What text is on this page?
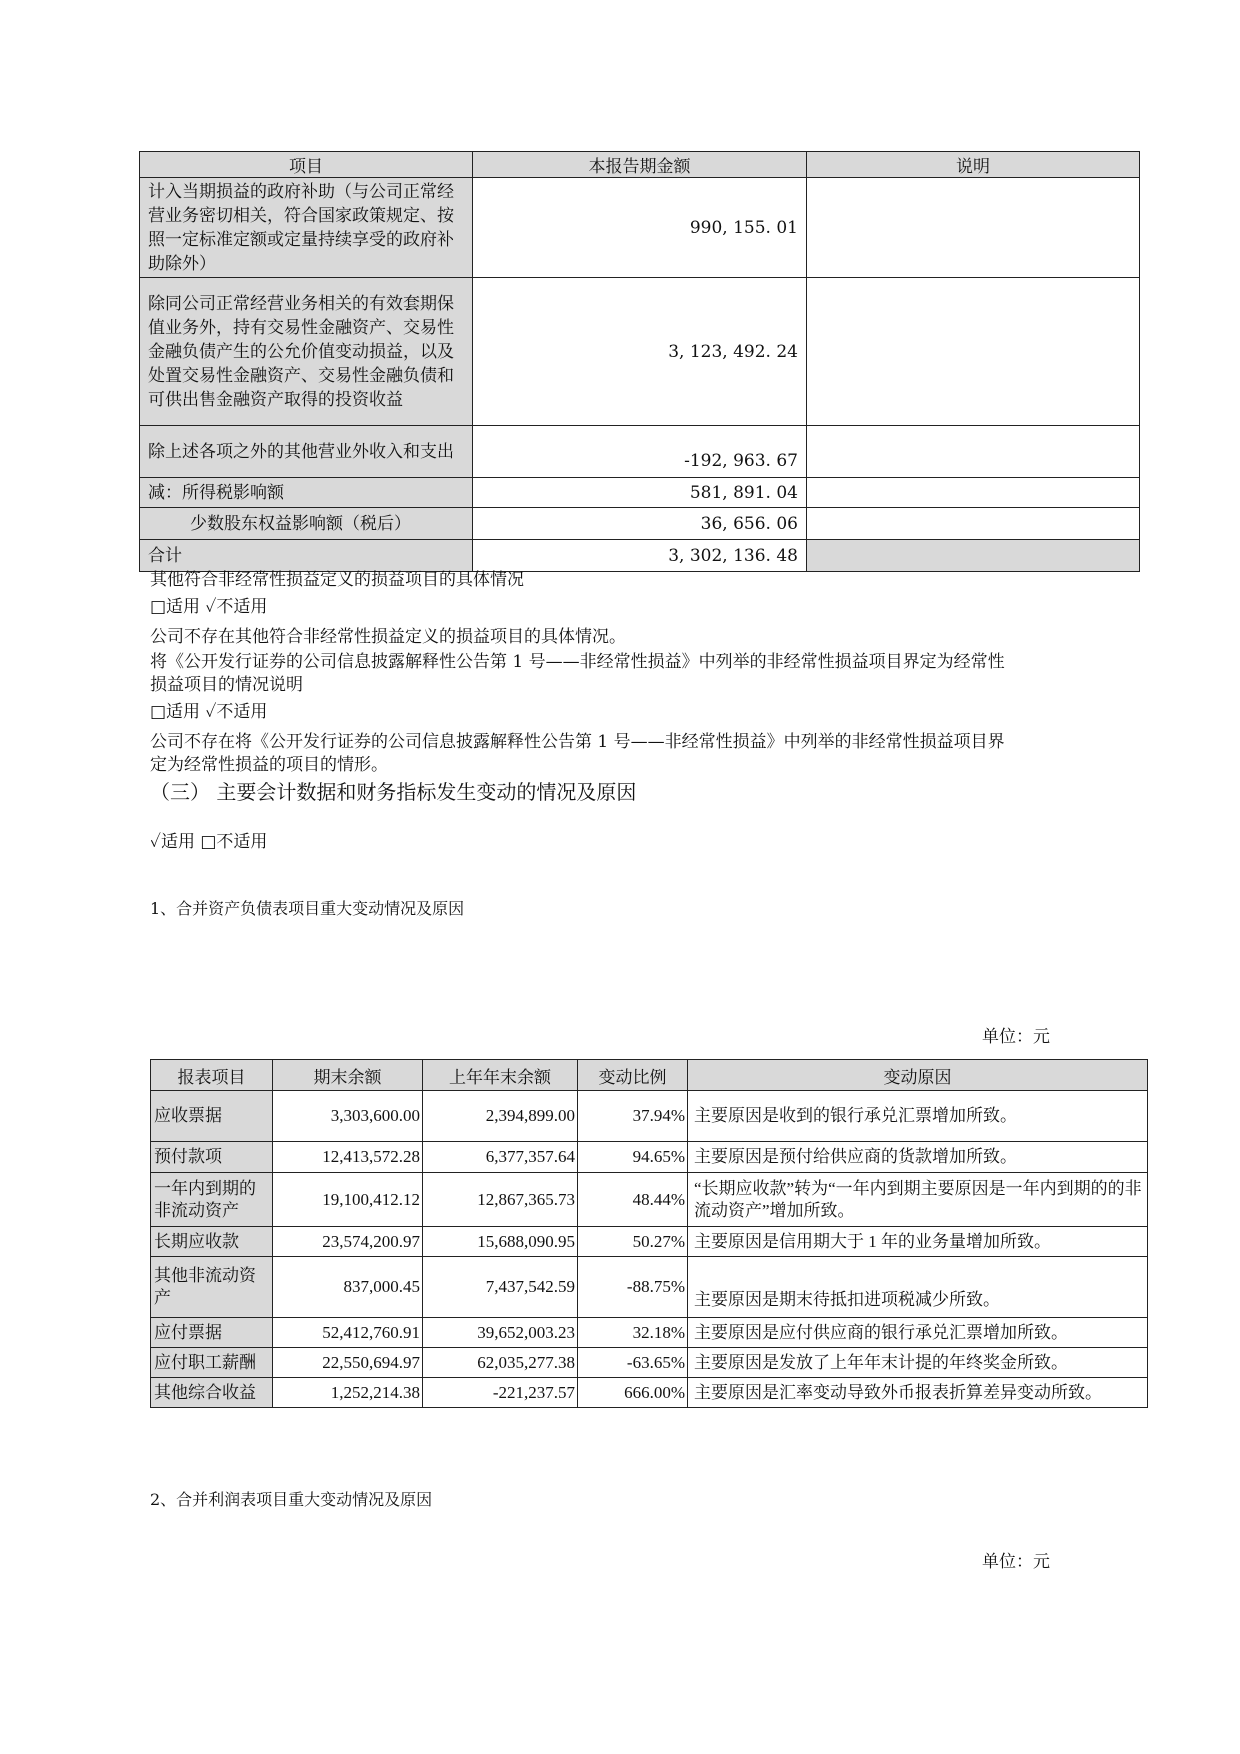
项目	本报告期金额	说明
计入当期损益的政府补助（与公司正常经营业务密切相关，符合国家政策规定、按照一定标准定额或定量持续享受的政府补助除外）	990, 155. 01	
除同公司正常经营业务相关的有效套期保值业务外，持有交易性金融资产、交易性金融负债产生的公允价值变动损益，以及处置交易性金融资产、交易性金融负债和可供出售金融资产取得的投资收益	3, 123, 492. 24	
除上述各项之外的其他营业外收入和支出	-192, 963. 67	
减：所得税影响额	581, 891. 04	
少数股东权益影响额（税后）	36, 656. 06	
合计	3, 302, 136. 48	
其他符合非经常性损益定义的损益项目的具体情况
□适用 ✓不适用
公司不存在其他符合非经常性损益定义的损益项目的具体情况。
将《公开发行证券的公司信息披露解释性公告第 1 号——非经常性损益》中列举的非经常性损益项目界定为经常性
损益项目的情况说明
□适用 ✓不适用
公司不存在将《公开发行证券的公司信息披露解释性公告第 1 号——非经常性损益》中列举的非经常性损益项目界
定为经常性损益的项目的情形。
（三） 主要会计数据和财务指标发生变动的情况及原因
✓适用 □不适用
1、合并资产负债表项目重大变动情况及原因
单位：元
报表项目	期末余额	上年年末余额	变动比例	变动原因
应收票据	3,303,600.00	2,394,899.00	37.94%	主要原因是收到的银行承兑汇票增加所致。
预付款项	12,413,572.28	6,377,357.64	94.65%	主要原因是预付给供应商的货款增加所致。
一年内到期的非流动资产	19,100,412.12	12,867,365.73	48.44%	“长期应收款”转为“一年内到期主要原因是一年内到期的的非流动资产”增加所致。
长期应收款	23,574,200.97	15,688,090.95	50.27%	主要原因是信用期大于 1 年的业务量增加所致。
其他非流动资产	837,000.45	7,437,542.59	-88.75%	主要原因是期末待抵扣进项税减少所致。
应付票据	52,412,760.91	39,652,003.23	32.18%	主要原因是应付供应商的银行承兑汇票增加所致。
应付职工薪酬	22,550,694.97	62,035,277.38	-63.65%	主要原因是发放了上年年末计提的年终奖金所致。
其他综合收益	1,252,214.38	-221,237.57	666.00%	主要原因是汇率变动导致外币报表折算差异变动所致。
2、合并利润表项目重大变动情况及原因
单位：元
